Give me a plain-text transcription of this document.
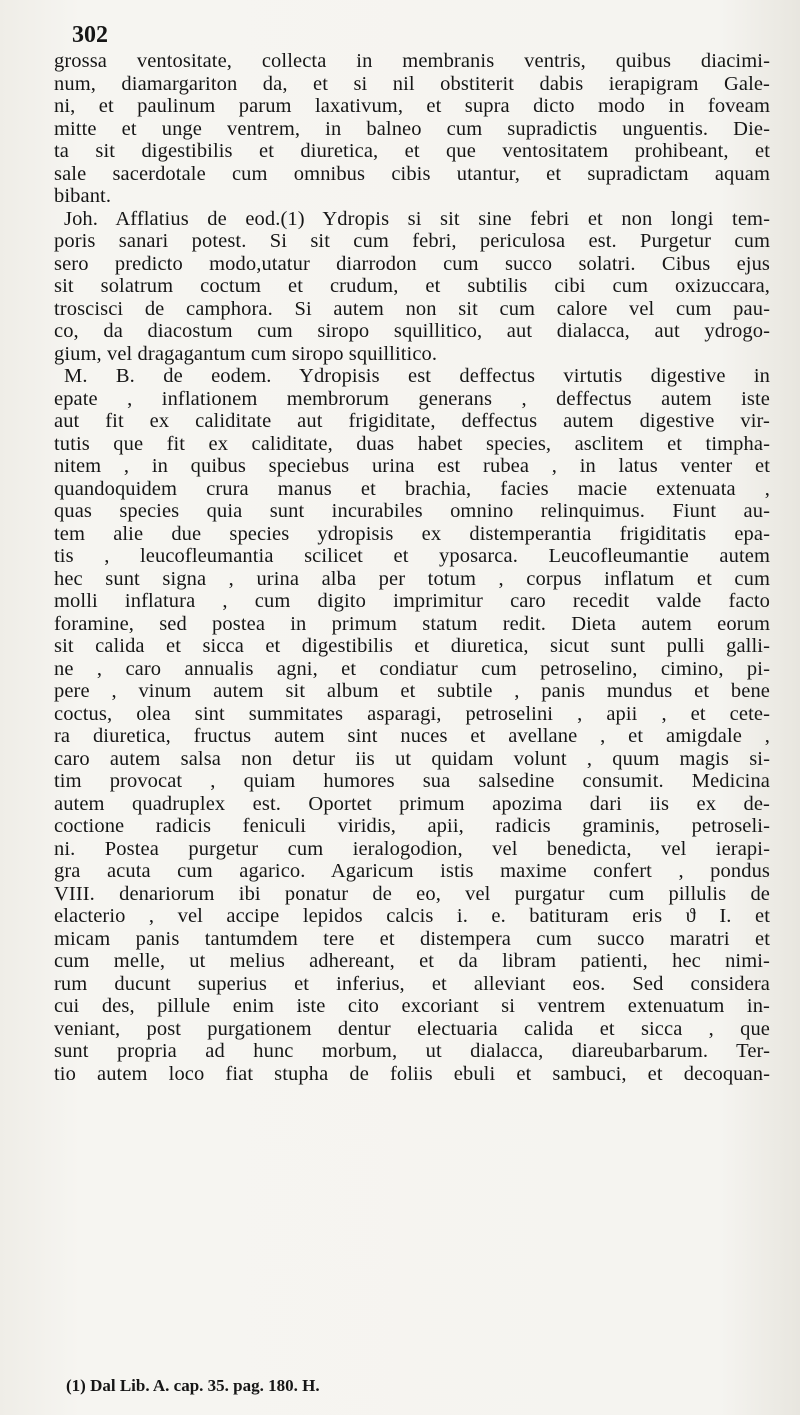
302
grossa ventositate, collecta in membranis ventris, quibus diacimi-
num, diamargariton da, et si nil obstiterit dabis ierapigram Gale-
ni, et paulinum parum laxativum, et supra dicto modo in foveam
mitte et unge ventrem, in balneo cum supradictis unguentis. Die-
ta sit digestibilis et diuretica, et que ventositatem prohibeant, et
sale sacerdotale cum omnibus cibis utantur, et supradictam aquam
bibant.
Joh. Afflatius de eod.(1) Ydropis si sit sine febri et non longi tem-
poris sanari potest. Si sit cum febri, periculosa est. Purgetur cum
sero predicto modo,utatur diarrodon cum succo solatri. Cibus ejus
sit solatrum coctum et crudum, et subtilis cibi cum oxizuccara,
troscisci de camphora. Si autem non sit cum calore vel cum pau-
co, da diacostum cum siropo squillitico, aut dialacca, aut ydrogo-
gium, vel dragagantum cum siropo squillitico.
M. B. de eodem. Ydropisis est deffectus virtutis digestive in
epate , inflationem membrorum generans , deffectus autem iste
aut fit ex caliditate aut frigiditate, deffectus autem digestive vir-
tutis que fit ex caliditate, duas habet species, asclitem et timpha-
nitem , in quibus speciebus urina est rubea , in latus venter et
quandoquidem crura manus et brachia, facies macie extenuata ,
quas species quia sunt incurabiles omnino relinquimus. Fiunt au-
tem alie due species ydropisis ex distemperantia frigiditatis epa-
tis , leucofleumantia scilicet et yposarca. Leucofleumantie autem
hec sunt signa , urina alba per totum , corpus inflatum et cum
molli inflatura , cum digito imprimitur caro recedit valde facto
foramine, sed postea in primum statum redit. Dieta autem eorum
sit calida et sicca et digestibilis et diuretica, sicut sunt pulli galli-
ne , caro annualis agni, et condiatur cum petroselino, cimino, pi-
pere , vinum autem sit album et subtile , panis mundus et bene
coctus, olea sint summitates asparagi, petroselini , apii , et cete-
ra diuretica, fructus autem sint nuces et avellane , et amigdale ,
caro autem salsa non detur iis ut quidam volunt , quum magis si-
tim provocat , quiam humores sua salsedine consumit. Medicina
autem quadruplex est. Oportet primum apozima dari iis ex de-
coctione radicis feniculi viridis, apii, radicis graminis, petroseli-
ni. Postea purgetur cum ieralogodion, vel benedicta, vel ierapi-
gra acuta cum agarico. Agaricum istis maxime confert , pondus
VIII. denariorum ibi ponatur de eo, vel purgatur cum pillulis de
elacterio , vel accipe lepidos calcis i. e. batituram eris ϑ I. et
micam panis tantumdem tere et distempera cum succo maratri et
cum melle, ut melius adhereant, et da libram patienti, hec nimi-
rum ducunt superius et inferius, et alleviant eos. Sed considera
cui des, pillule enim iste cito excoriant si ventrem extenuatum in-
veniant, post purgationem dentur electuaria calida et sicca , que
sunt propria ad hunc morbum, ut dialacca, diareubarbarum. Ter-
tio autem loco fiat stupha de foliis ebuli et sambuci, et decoquan-
(1) Dal Lib. A. cap. 35. pag. 180. H.
